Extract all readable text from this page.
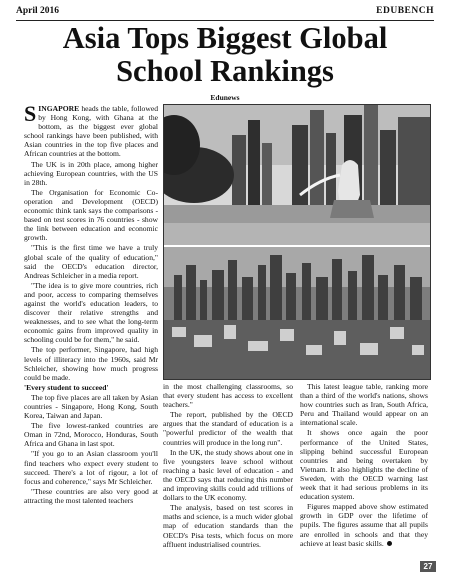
April 2016	EDUBENCH
Asia Tops Biggest Global
School Rankings
Edunews

SINGAPORE heads the table, followed by Hong Kong, with Ghana at the bottom, as the biggest ever global school rankings have been published, with Asian countries in the top five places and African countries at the bottom.

The UK is in 20th place, among higher achieving European countries, with the US in 28th.

The Organisation for Economic Co-operation and Development (OECD) economic think tank says the comparisons - based on test scores in 76 countries - show the link between education and economic growth.

"This is the first time we have a truly global scale of the quality of education," said the OECD's education director, Andreas Schleicher in a media report.

"The idea is to give more countries, rich and poor, access to comparing themselves against the world's education leaders, to discover their relative strengths and weaknesses, and to see what the long-term economic gains from improved quality in schooling could be for them," he said.

The top performer, Singapore, had high levels of illiteracy into the 1960s, said Mr Schleicher, showing how much progress could be made.

'Every student to succeed'

The top five places are all taken by Asian countries - Singapore, Hong Kong, South Korea, Taiwan and Japan.

The five lowest-ranked countries are Oman in 72nd, Morocco, Honduras, South Africa and Ghana in last spot.

"If you go to an Asian classroom you'll find teachers who expect every student to succeed. There's a lot of rigour, a lot of focus and coherence," says Mr Schleicher.

"These countries are also very good at attracting the most talented teachers

in the most challenging classrooms, so that every student has access to excellent teachers."

The report, published by the OECD argues that the standard of education is a "powerful predictor of the wealth that countries will produce in the long run".

In the UK, the study shows about one in five youngsters leave school without reaching a basic level of education - and the OECD says that reducing this number and improving skills could add trillions of dollars to the UK economy.

The analysis, based on test scores in maths and science, is a much wider global map of education standards than the OECD's Pisa tests, which focus on more affluent industrialised countries.

This latest league table, ranking more than a third of the world's nations, shows how countries such as Iran, South Africa, Peru and Thailand would appear on an international scale.

It shows once again the poor performance of the United States, slipping behind successful European countries and being overtaken by Vietnam. It also highlights the decline of Sweden, with the OECD warning last week that it had serious problems in its education system.

Figures mapped above show estimated growth in GDP over the lifetime of pupils. The figures assume that all pupils are enrolled in schools and that they achieve at least basic skills.

27
